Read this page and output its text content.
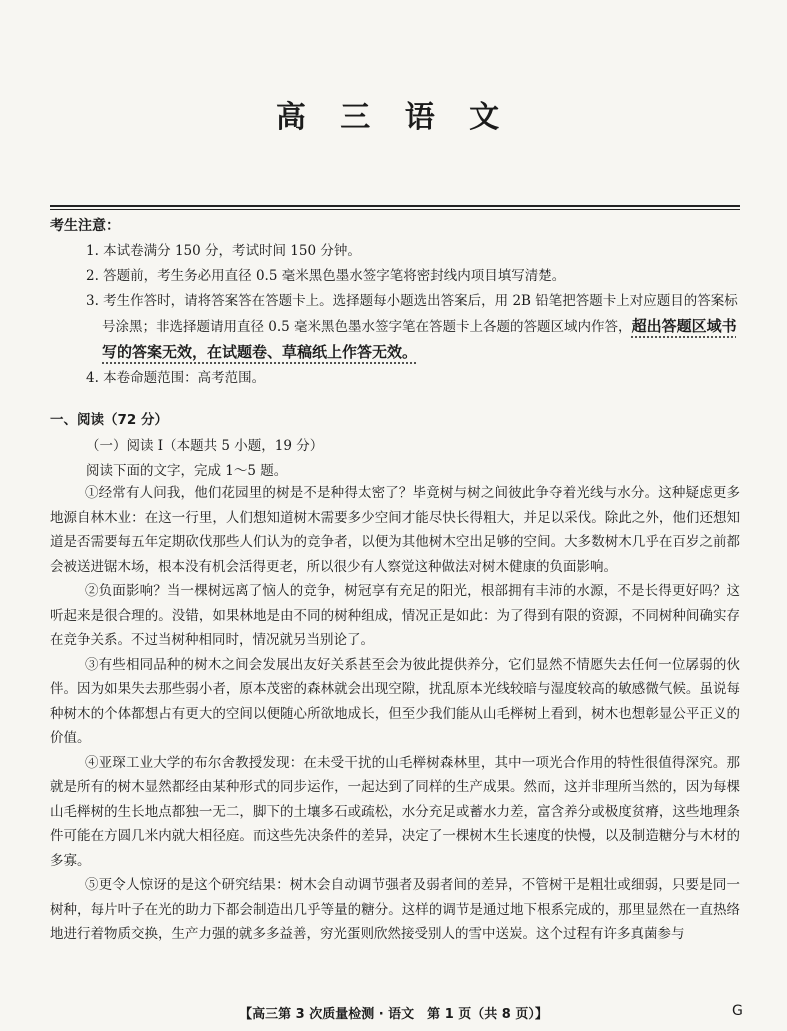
高 三 语 文
考生注意：
1. 本试卷满分 150 分，考试时间 150 分钟。
2. 答题前，考生务必用直径 0.5 毫米黑色墨水签字笔将密封线内项目填写清楚。
3. 考生作答时，请将答案答在答题卡上。选择题每小题选出答案后，用 2B 铅笔把答题卡上对应题目的答案标号涂黑；非选择题请用直径 0.5 毫米黑色墨水签字笔在答题卡上各题的答题区域内作答，超出答题区域书写的答案无效，在试题卷、草稿纸上作答无效。
4. 本卷命题范围：高考范围。
一、阅读（72 分）
（一）阅读 Ⅰ（本题共 5 小题，19 分）
阅读下面的文字，完成 1～5 题。

①经常有人问我，他们花园里的树是不是种得太密了？毕竟树与树之间彼此争夺着光线与水分。这种疑虑更多地源自林木业：在这一行里，人们想知道树木需要多少空间才能尽快长得粗大，并足以采伐。除此之外，他们还想知道是否需要每五年定期砍伐那些人们认为的竞争者，以便为其他树木空出足够的空间。大多数树木几乎在百岁之前都会被送进锯木场，根本没有机会活得更老，所以很少有人察觉这种做法对树木健康的负面影响。

②负面影响？当一棵树远离了恼人的竞争，树冠享有充足的阳光，根部拥有丰沛的水源，不是长得更好吗？这听起来是很合理的。没错，如果林地是由不同的树种组成，情况正是如此：为了得到有限的资源，不同树种间确实存在竞争关系。不过当树种相同时，情况就另当别论了。

③有些相同品种的树木之间会发展出友好关系甚至会为彼此提供养分，它们显然不情愿失去任何一位孱弱的伙伴。因为如果失去那些弱小者，原本茂密的森林就会出现空隙，扰乱原本光线较暗与湿度较高的敏感微气候。虽说每种树木的个体都想占有更大的空间以便随心所欲地成长，但至少我们能从山毛榉树上看到，树木也想彰显公平正义的价值。

④亚琛工业大学的布尔舍教授发现：在未受干扰的山毛榉树森林里，其中一项光合作用的特性很值得深究。那就是所有的树木显然都经由某种形式的同步运作，一起达到了同样的生产成果。然而，这并非理所当然的，因为每棵山毛榉树的生长地点都独一无二，脚下的土壤多石或疏松，水分充足或蓄水力差，富含养分或极度贫瘠，这些地理条件可能在方圆几米内就大相径庭。而这些先决条件的差异，决定了一棵树木生长速度的快慢，以及制造糖分与木材的多寡。

⑤更令人惊讶的是这个研究结果：树木会自动调节强者及弱者间的差异，不管树干是粗壮或细弱，只要是同一树种，每片叶子在光的助力下都会制造出几乎等量的糖分。这样的调节是通过地下根系完成的，那里显然在一直热络地进行着物质交换，生产力强的就多多益善，穷光蛋则欣然接受别人的雪中送炭。这个过程有许多真菌参与

【高三第 3 次质量检测 · 语文　第 1 页（共 8 页）】	G
